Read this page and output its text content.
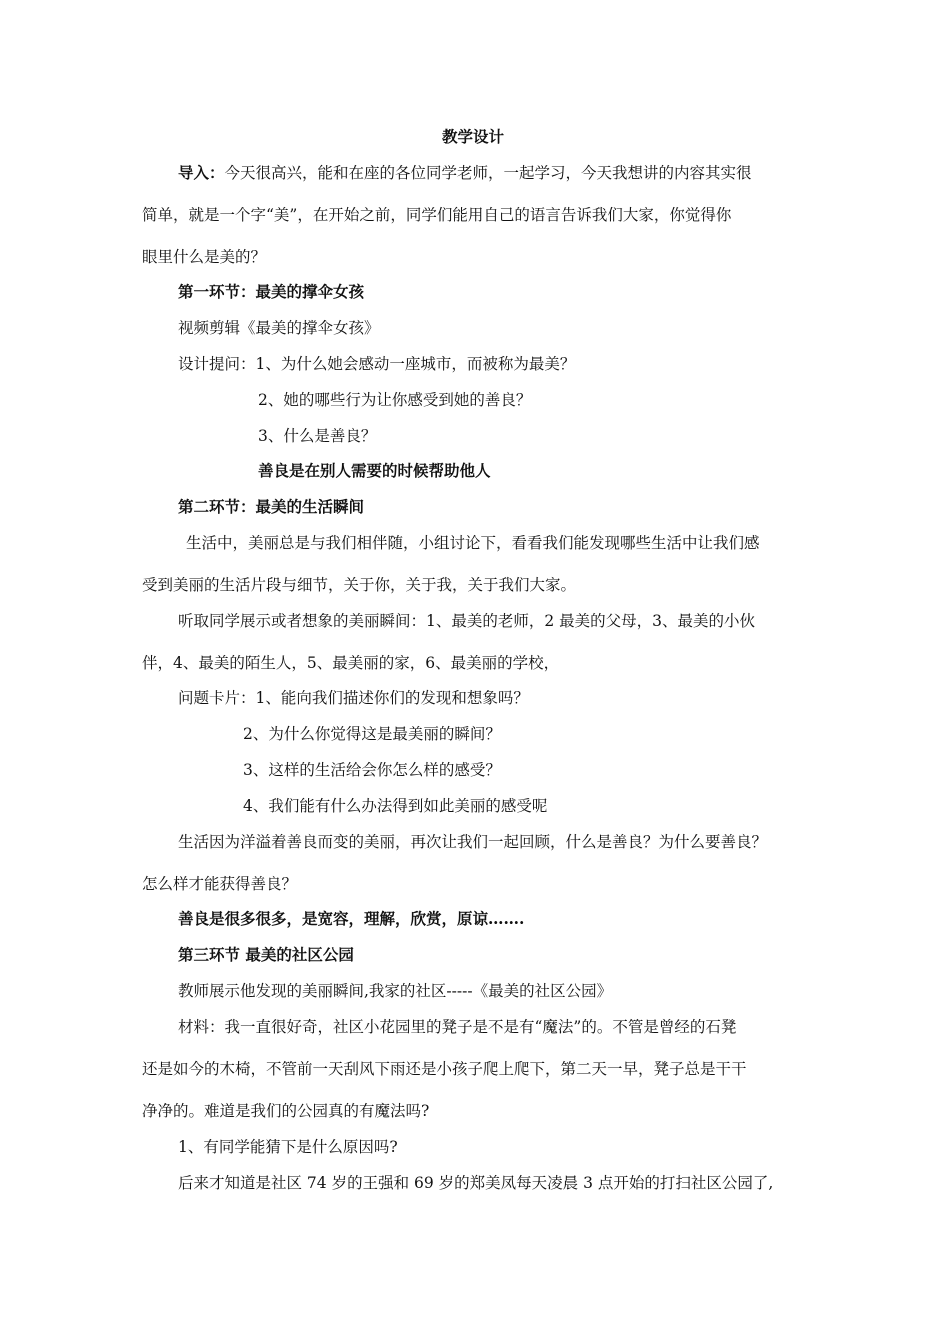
教学设计
导入：今天很高兴，能和在座的各位同学老师，一起学习，今天我想讲的内容其实很
简单，就是一个字“美”，在开始之前，同学们能用自己的语言告诉我们大家，你觉得你
眼里什么是美的？
第一环节：最美的撑伞女孩
视频剪辑《最美的撑伞女孩》
设计提问：1、为什么她会感动一座城市，而被称为最美？
2、她的哪些行为让你感受到她的善良？
3、什么是善良？
善良是在别人需要的时候帮助他人
第二环节：最美的生活瞬间
生活中，美丽总是与我们相伴随，小组讨论下，看看我们能发现哪些生活中让我们感
受到美丽的生活片段与细节，关于你，关于我，关于我们大家。
听取同学展示或者想象的美丽瞬间：1、最美的老师，2 最美的父母，3、最美的小伙
伴，4、最美的陌生人，5、最美丽的家，6、最美丽的学校，
问题卡片：1、能向我们描述你们的发现和想象吗？
2、为什么你觉得这是最美丽的瞬间？
3、这样的生活给会你怎么样的感受？
4、我们能有什么办法得到如此美丽的感受呢
生活因为洋溢着善良而变的美丽，再次让我们一起回顾，什么是善良？为什么要善良？
怎么样才能获得善良？
善良是很多很多，是宽容，理解，欣赏，原谅…….
第三环节 最美的社区公园
教师展示他发现的美丽瞬间,我家的社区-----《最美的社区公园》
材料：我一直很好奇，社区小花园里的凳子是不是有“魔法”的。不管是曾经的石凳
还是如今的木椅，不管前一天刮风下雨还是小孩子爬上爬下，第二天一早，凳子总是干干
净净的。难道是我们的公园真的有魔法吗?
1、有同学能猜下是什么原因吗?
后来才知道是社区 74 岁的王强和 69 岁的郑美凤每天凌晨 3 点开始的打扫社区公园了,
